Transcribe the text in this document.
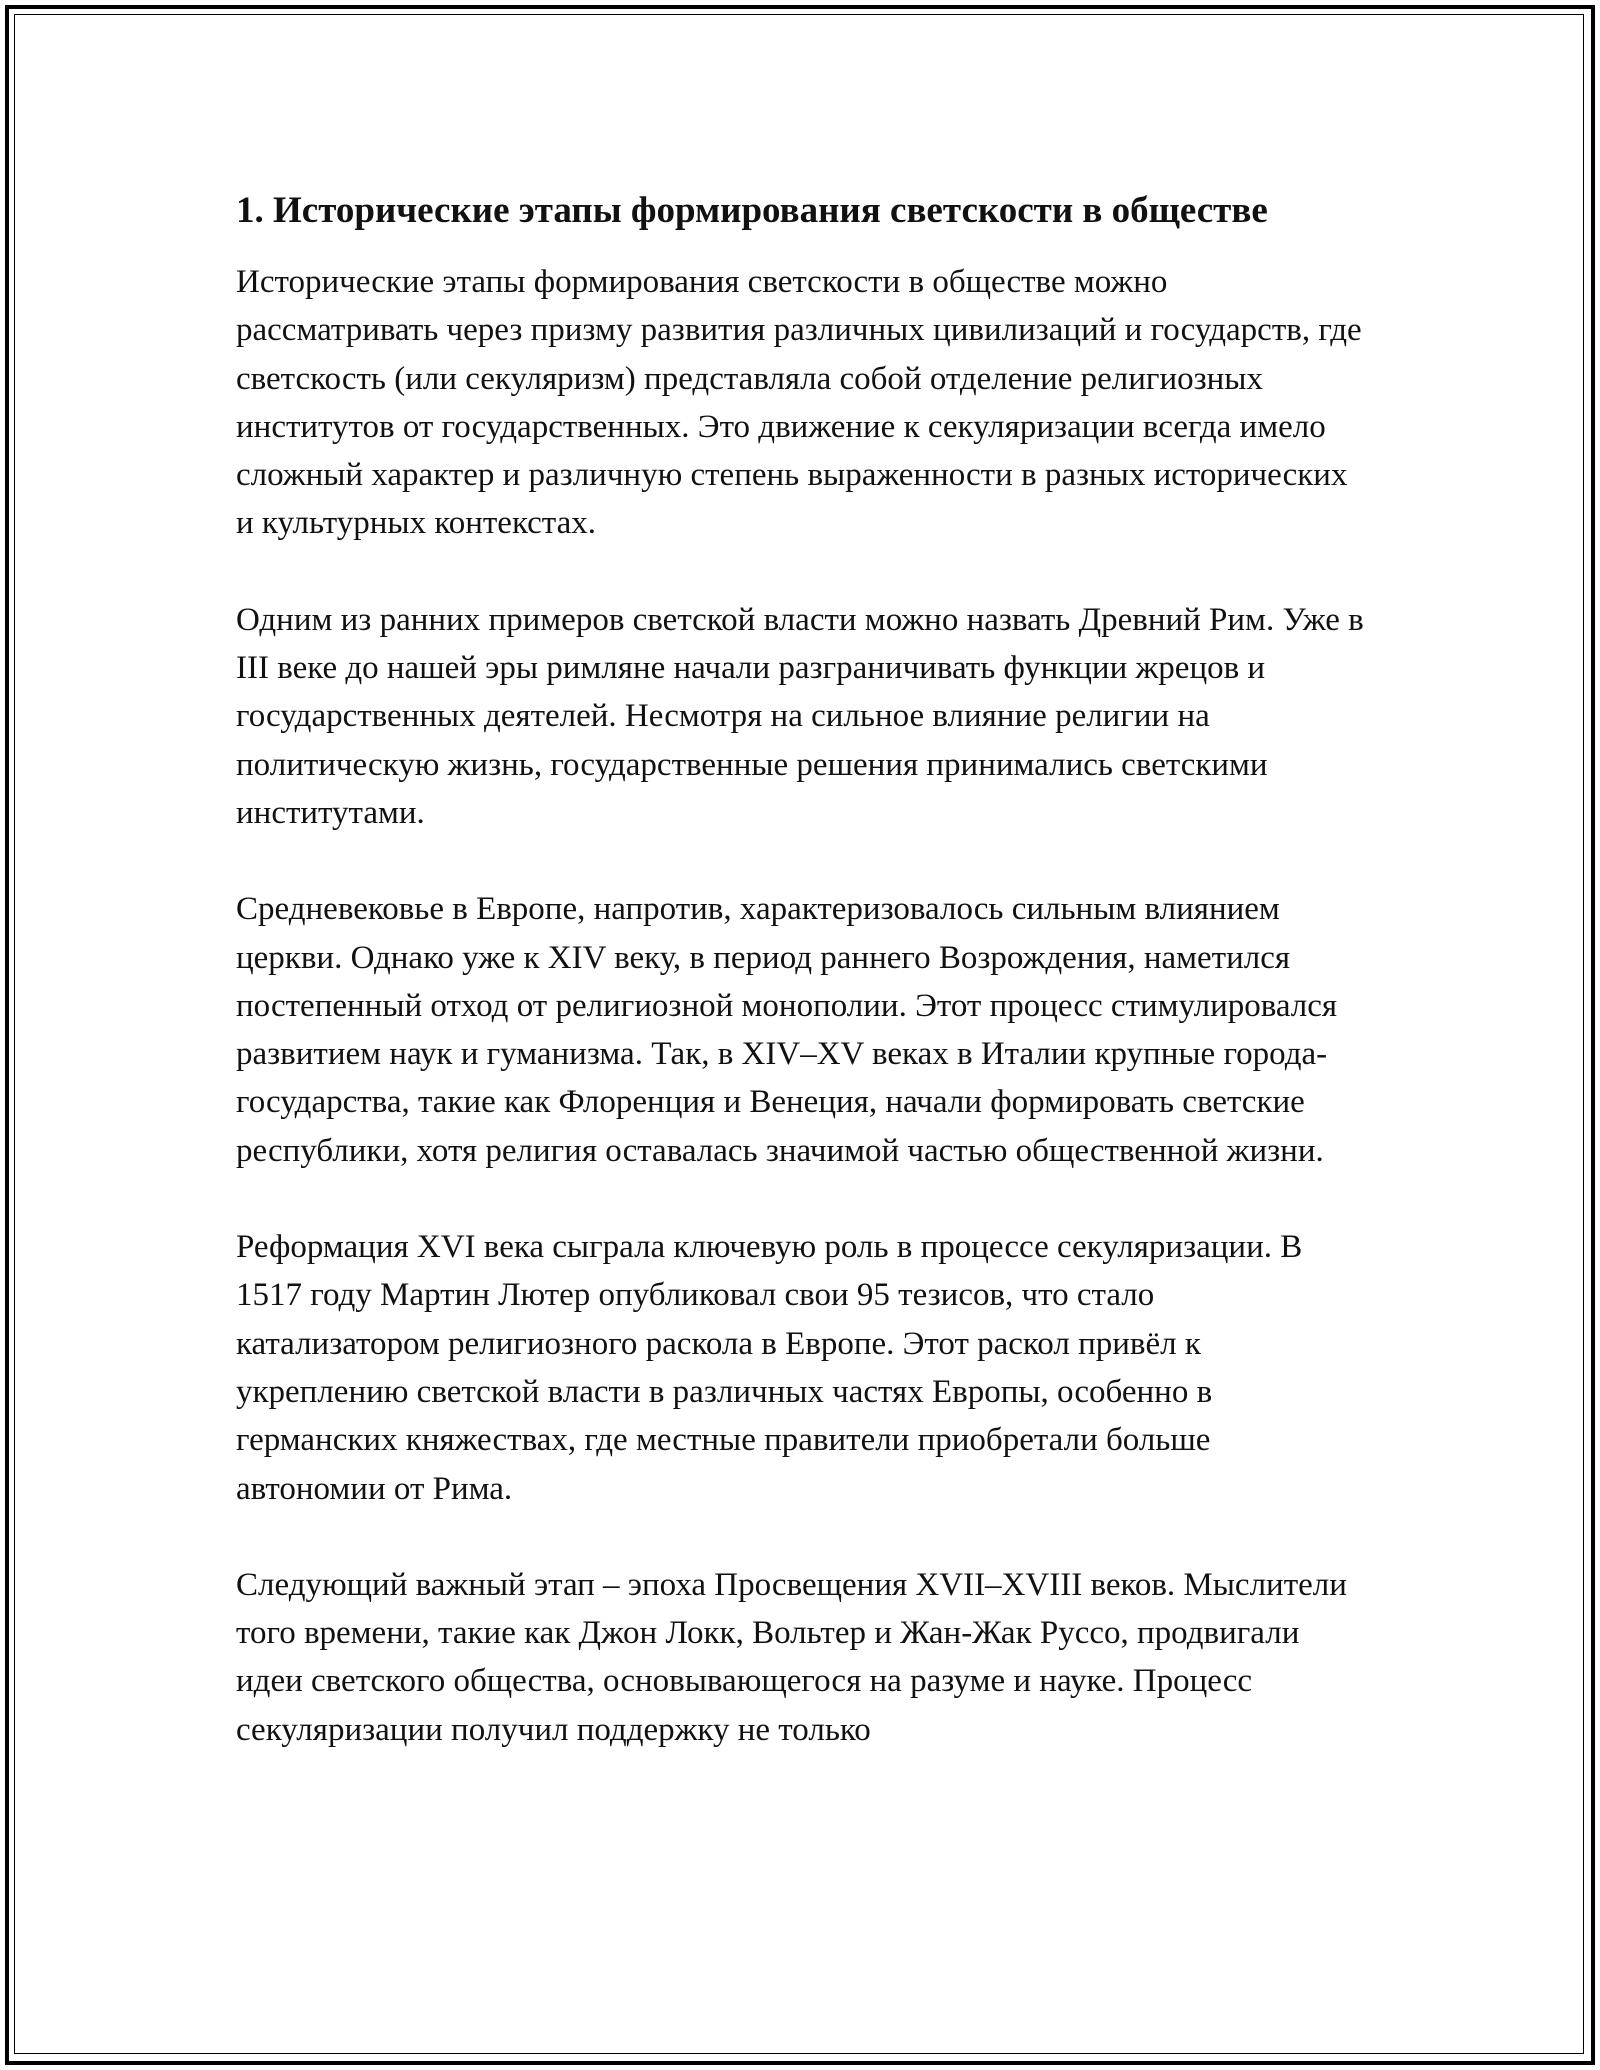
1. Исторические этапы формирования светскости в обществе

Исторические этапы формирования светскости в обществе можно рассматривать через призму развития различных цивилизаций и государств, где светскость (или секуляризм) представляла собой отделение религиозных институтов от государственных. Это движение к секуляризации всегда имело сложный характер и различную степень выраженности в разных исторических и культурных контекстах.

Одним из ранних примеров светской власти можно назвать Древний Рим. Уже в III веке до нашей эры римляне начали разграничивать функции жрецов и государственных деятелей. Несмотря на сильное влияние религии на политическую жизнь, государственные решения принимались светскими институтами.

Средневековье в Европе, напротив, характеризовалось сильным влиянием церкви. Однако уже к XIV веку, в период раннего Возрождения, наметился постепенный отход от религиозной монополии. Этот процесс стимулировался развитием наук и гуманизма. Так, в XIV–XV веках в Италии крупные города-государства, такие как Флоренция и Венеция, начали формировать светские республики, хотя религия оставалась значимой частью общественной жизни.

Реформация XVI века сыграла ключевую роль в процессе секуляризации. В 1517 году Мартин Лютер опубликовал свои 95 тезисов, что стало катализатором религиозного раскола в Европе. Этот раскол привёл к укреплению светской власти в различных частях Европы, особенно в германских княжествах, где местные правители приобретали больше автономии от Рима.

Следующий важный этап – эпоха Просвещения XVII–XVIII веков. Мыслители того времени, такие как Джон Локк, Вольтер и Жан-Жак Руссо, продвигали идеи светского общества, основывающегося на разуме и науке. Процесс секуляризации получил поддержку не только
